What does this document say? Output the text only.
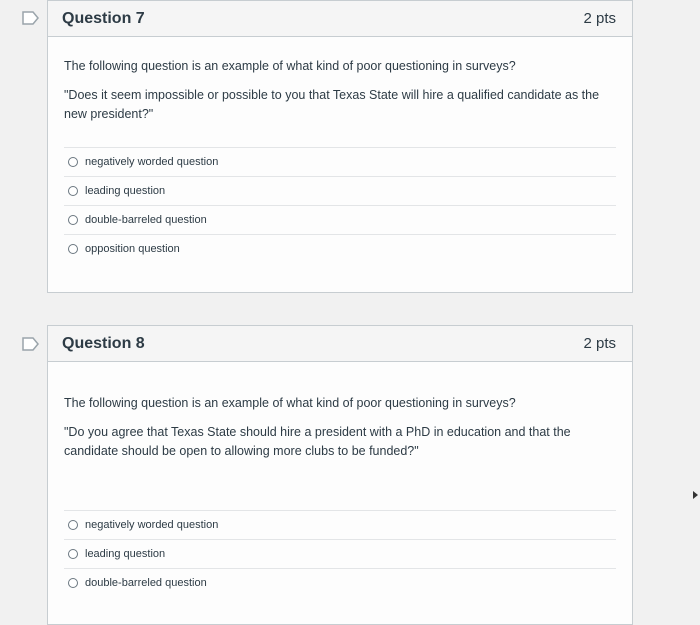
Question 7	2 pts

The following question is an example of what kind of poor questioning in surveys?

"Does it seem impossible or possible to you that Texas State will hire a qualified candidate as the new president?"

negatively worded question
leading question
double-barreled question
opposition question
Question 8	2 pts

The following question is an example of what kind of poor questioning in surveys?

"Do you agree that Texas State should hire a president with a PhD in education and that the candidate should be open to allowing more clubs to be funded?"

negatively worded question
leading question
double-barreled question
